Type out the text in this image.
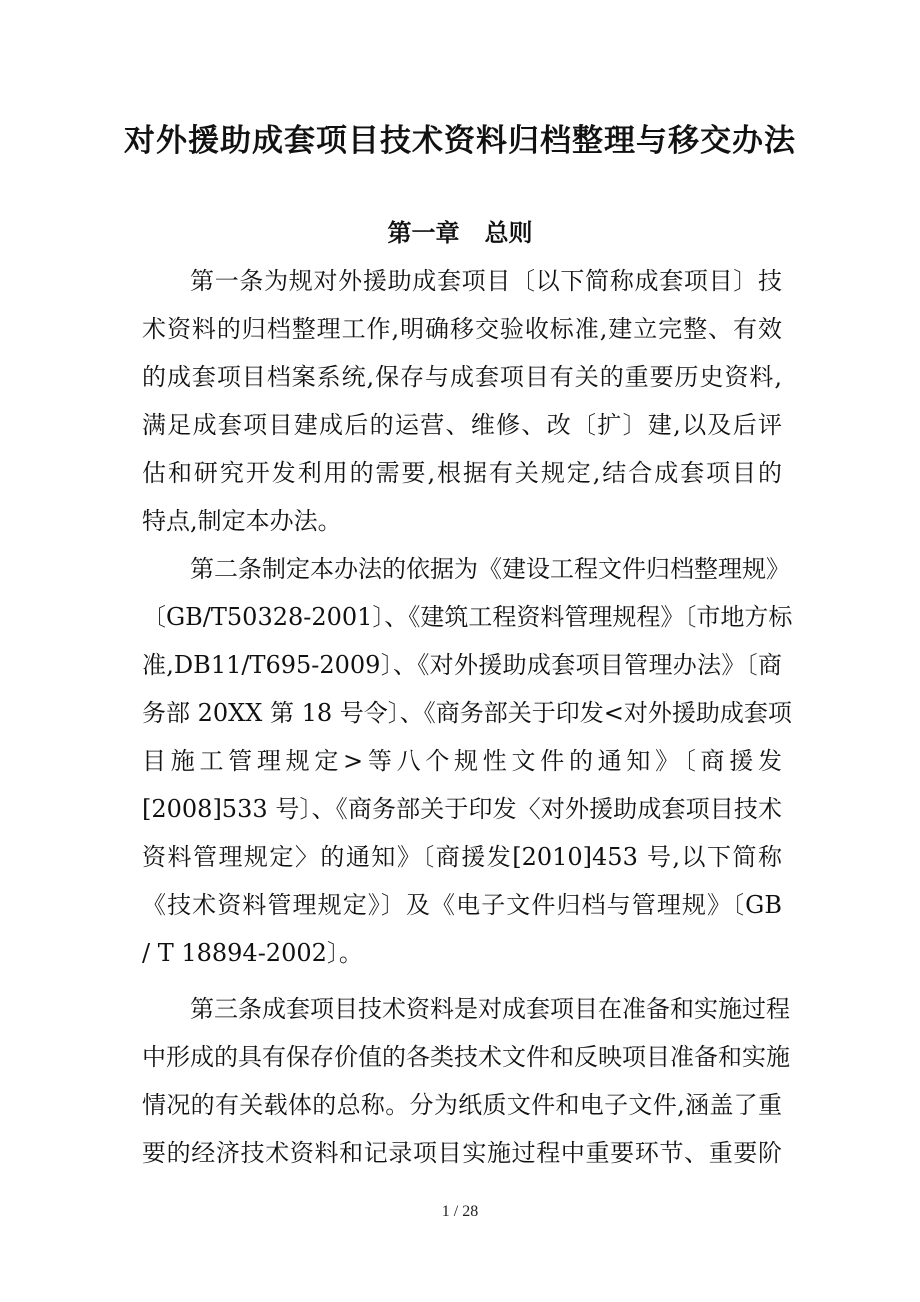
对外援助成套项目技术资料归档整理与移交办法
第一章   总则
第一条为规对外援助成套项目〔以下简称成套项目〕技
术资料的归档整理工作,明确移交验收标准,建立完整、有效
的成套项目档案系统,保存与成套项目有关的重要历史资料,
满足成套项目建成后的运营、维修、改〔扩〕建,以及后评
估和研究开发利用的需要,根据有关规定,结合成套项目的
特点,制定本办法。
第二条制定本办法的依据为《建设工程文件归档整理规》
〔GB/T50328-2001〕、《建筑工程资料管理规程》〔市地方标
准,DB11/T695-2009〕、《对外援助成套项目管理办法》〔商
务部 20XX 第 18 号令〕、《商务部关于印发<对外援助成套项
目施工管理规定>等八个规性文件的通知》〔商援发
[2008]533 号〕、《商务部关于印发〈对外援助成套项目技术
资料管理规定〉的通知》〔商援发[2010]453 号,以下简称
《技术资料管理规定》〕及《电子文件归档与管理规》〔GB
/ T 18894-2002〕。
第三条成套项目技术资料是对成套项目在准备和实施过程
中形成的具有保存价值的各类技术文件和反映项目准备和实施
情况的有关载体的总称。分为纸质文件和电子文件,涵盖了重
要的经济技术资料和记录项目实施过程中重要环节、重要阶
1 / 28
